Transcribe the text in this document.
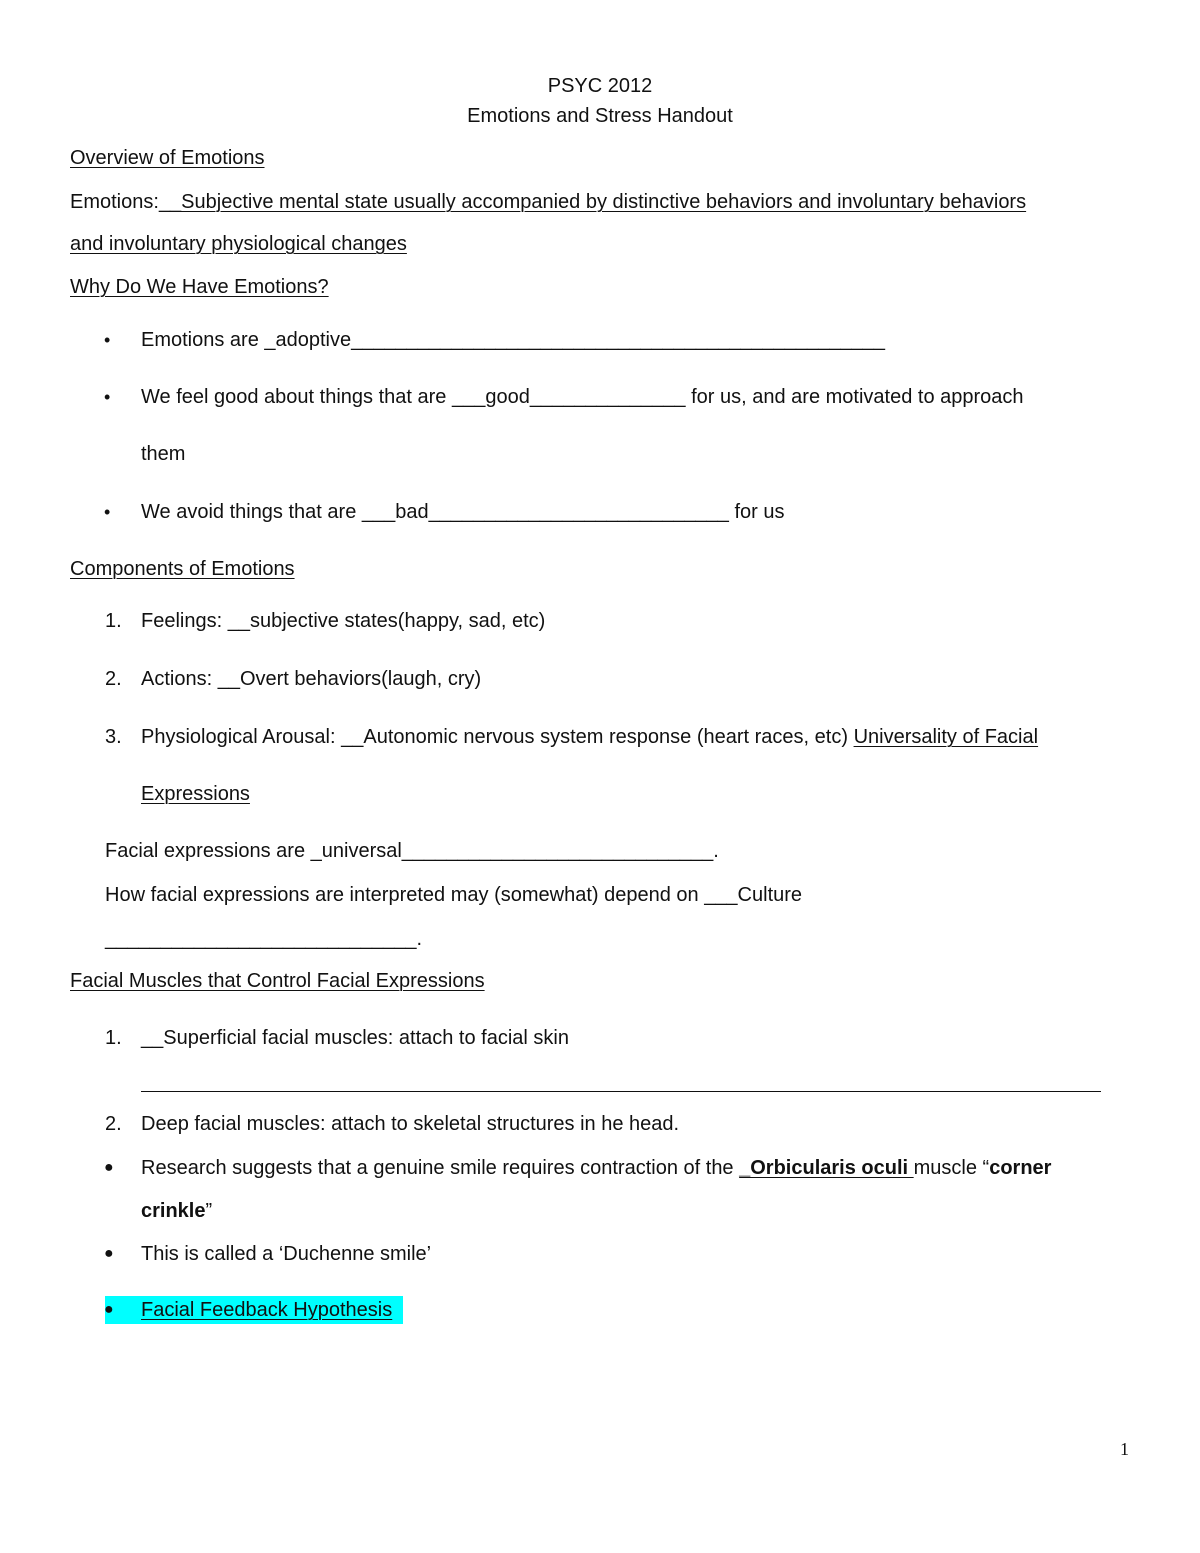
PSYC 2012
Emotions and Stress Handout
Overview of Emotions
Emotions:__Subjective mental state usually accompanied by distinctive behaviors and involuntary behaviors
and involuntary physiological changes
Why Do We Have Emotions?
• Emotions are _adoptive________________________________________________
• We feel good about things that are ___good______________ for us, and are motivated to approach
them
• We avoid things that are ___bad___________________________ for us
Components of Emotions
1. Feelings: __subjective states(happy, sad, etc)
2. Actions: __Overt behaviors(laugh, cry)
3. Physiological Arousal: __Autonomic nervous system response (heart races, etc) Universality of Facial
Expressions
Facial expressions are _universal____________________________.
How facial expressions are interpreted may (somewhat) depend on ___Culture
____________________________.
Facial Muscles that Control Facial Expressions
1. __Superficial facial muscles: attach to facial skin
2. Deep facial muscles: attach to skeletal structures in he head.
● Research suggests that a genuine smile requires contraction of the _Orbicularis oculi muscle “corner
crinkle”
● This is called a ‘Duchenne smile’
● Facial Feedback Hypothesis
1
